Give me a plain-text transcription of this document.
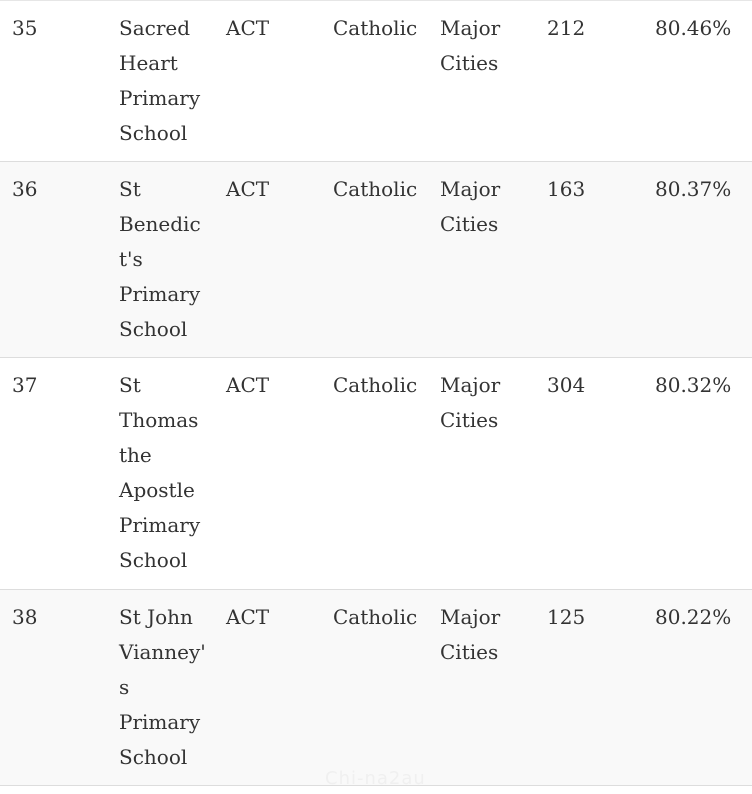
35	Sacred Heart Primary School	ACT	Catholic	Major Cities	212	80.46%
36	St Benedict's Primary School	ACT	Catholic	Major Cities	163	80.37%
37	St Thomas the Apostle Primary School	ACT	Catholic	Major Cities	304	80.32%
38	St John Vianney's Primary School	ACT	Catholic	Major Cities	125	80.22%
Chi-na2au
